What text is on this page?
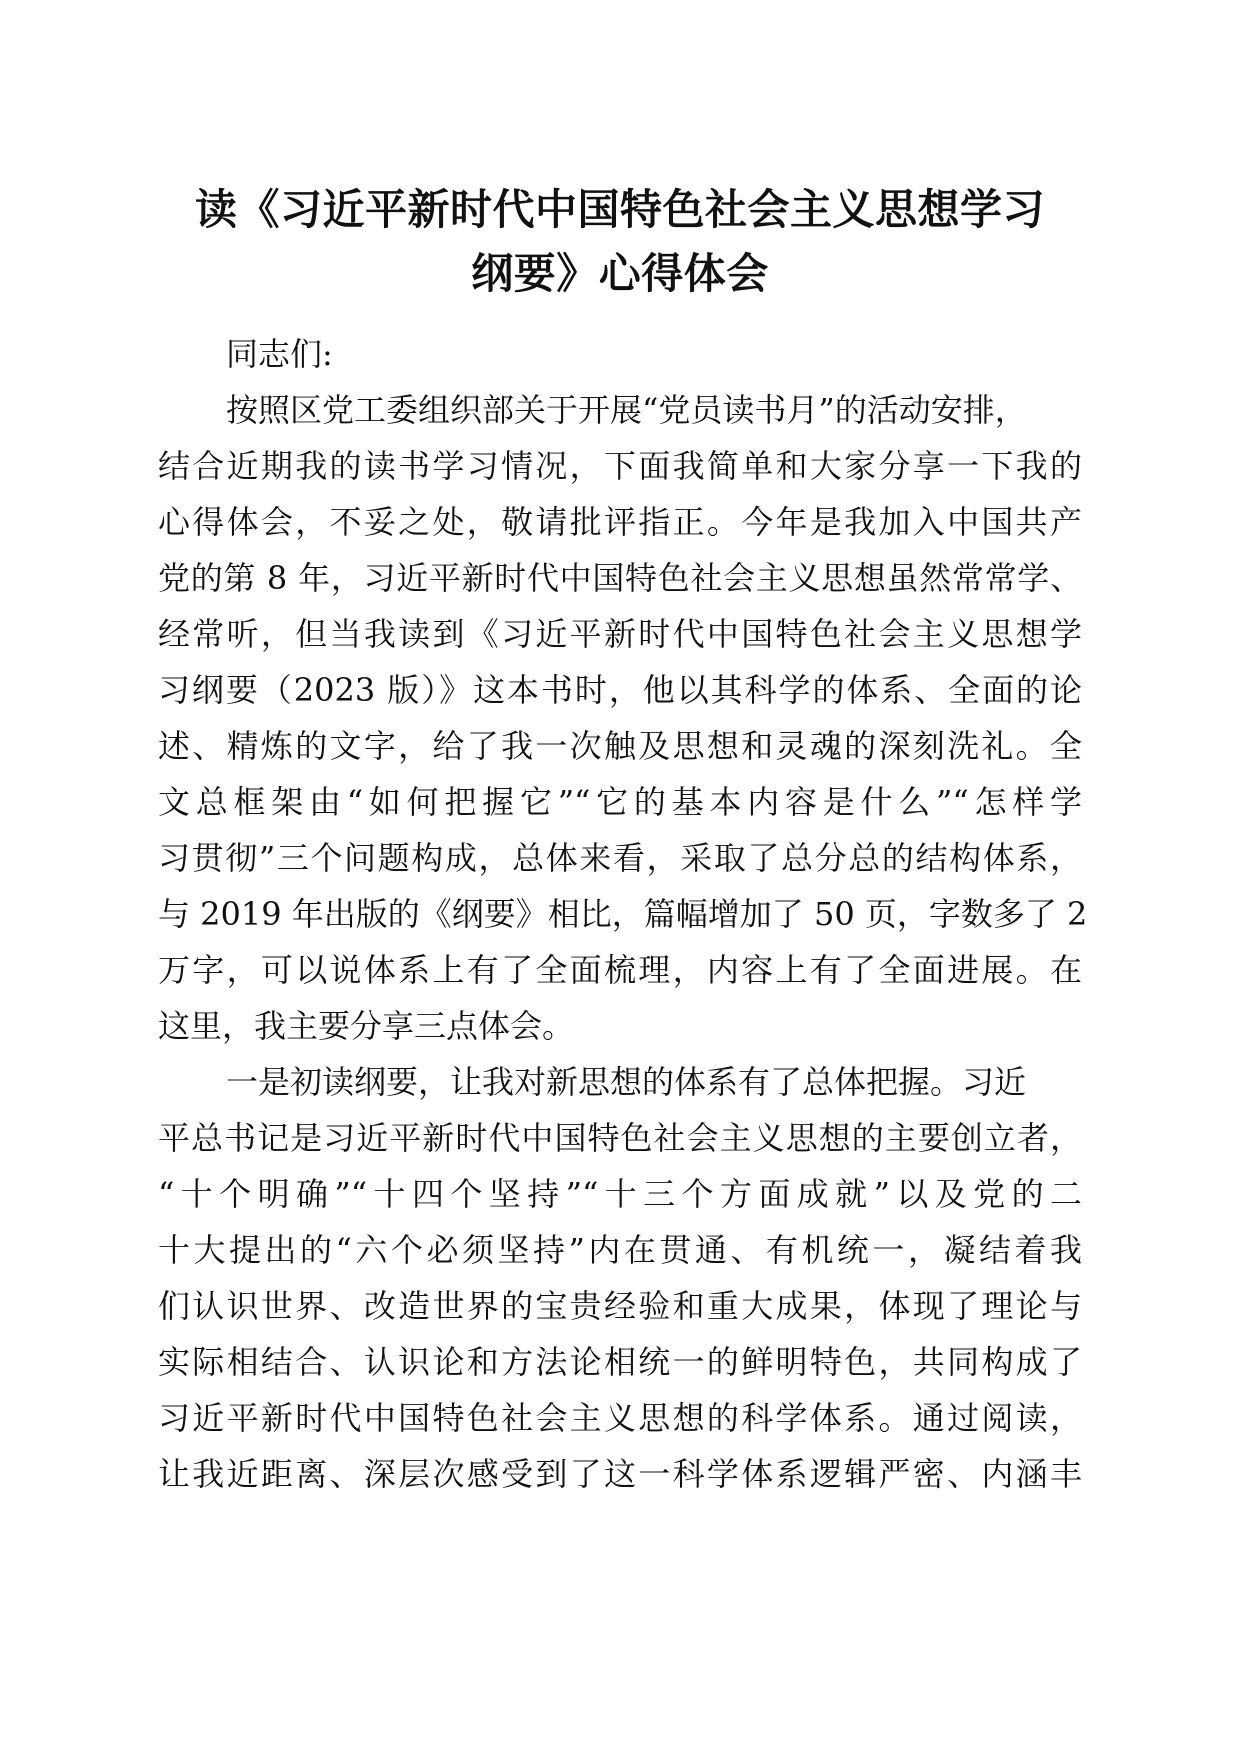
读《习近平新时代中国特色社会主义思想学习
纲要》心得体会
同志们:
按照区党工委组织部关于开展“党员读书月”的活动安排，
结合近期我的读书学习情况，下面我简单和大家分享一下我的
心得体会，不妥之处，敬请批评指正。今年是我加入中国共产
党的第 8 年，习近平新时代中国特色社会主义思想虽然常常学、
经常听，但当我读到《习近平新时代中国特色社会主义思想学
习纲要（2023 版）》这本书时，他以其科学的体系、全面的论
述、精炼的文字，给了我一次触及思想和灵魂的深刻洗礼。全
文总框架由“如何把握它”“它的基本内容是什么”“怎样学
习贯彻”三个问题构成，总体来看，采取了总分总的结构体系，
与 2019 年出版的《纲要》相比，篇幅增加了 50 页，字数多了 2
万字，可以说体系上有了全面梳理，内容上有了全面进展。在
这里，我主要分享三点体会。
一是初读纲要，让我对新思想的体系有了总体把握。习近
平总书记是习近平新时代中国特色社会主义思想的主要创立者，
“十个明确”“十四个坚持”“十三个方面成就”以及党的二
十大提出的“六个必须坚持”内在贯通、有机统一，凝结着我
们认识世界、改造世界的宝贵经验和重大成果，体现了理论与
实际相结合、认识论和方法论相统一的鲜明特色，共同构成了
习近平新时代中国特色社会主义思想的科学体系。通过阅读，
让我近距离、深层次感受到了这一科学体系逻辑严密、内涵丰
